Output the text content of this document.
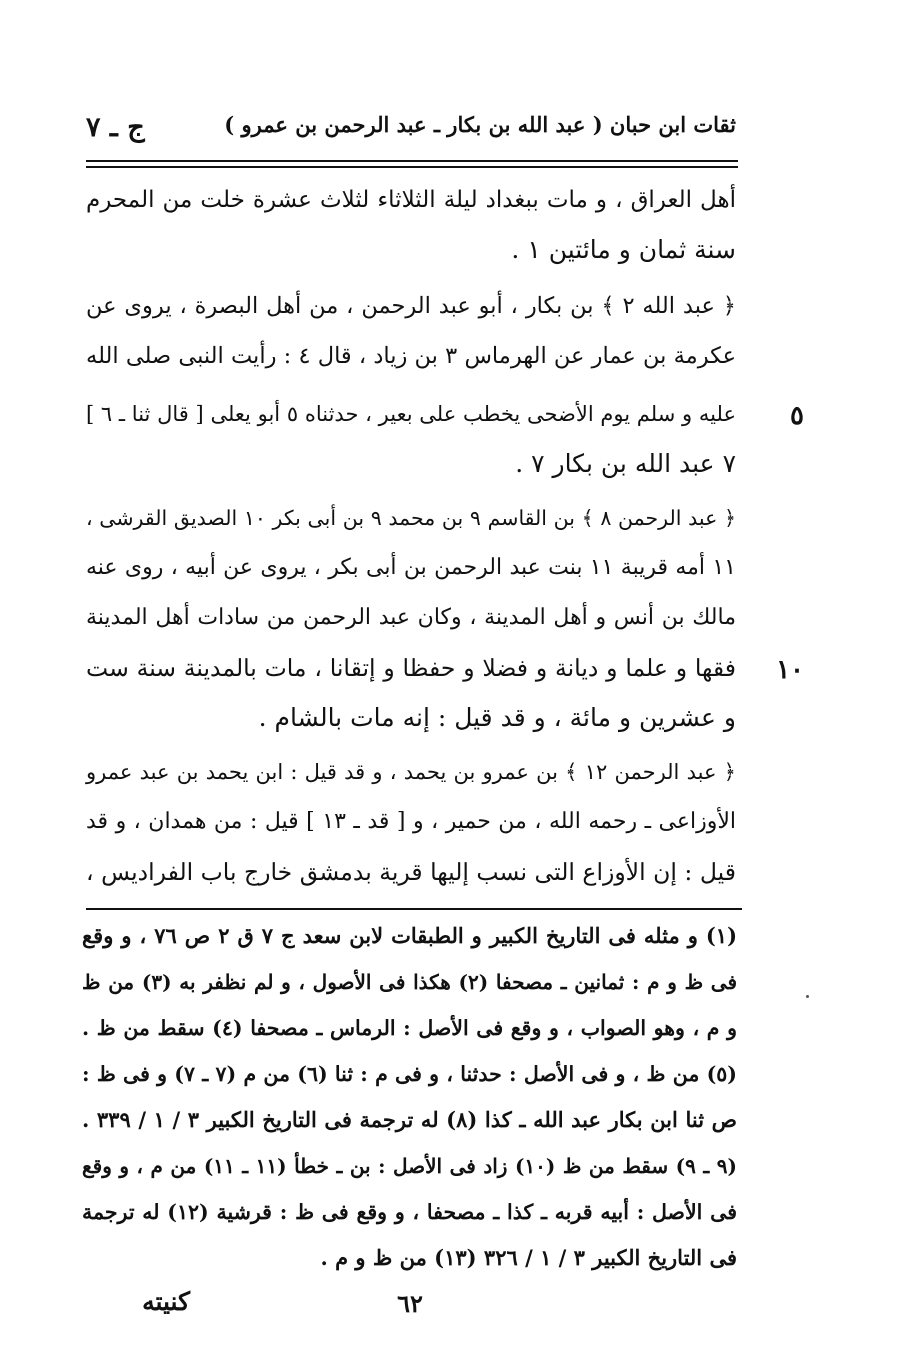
ثقات ابن حبان ( عبد الله بن بكار ـ عبد الرحمن بن عمرو )
ج ـ ٧
أهل العراق ، و مات ببغداد ليلة الثلاثاء لثلاث عشرة خلت من المحرم
سنة ثمان و مائتين ١ .
﴿ عبد الله ٢ ﴾ بن بكار ، أبو عبد الرحمن ، من أهل البصرة ، يروى عن
عكرمة بن عمار عن الهرماس ٣ بن زياد ، قال ٤ : رأيت النبى صلى الله
عليه و سلم يوم الأضحى يخطب على بعير ، حدثناه ٥ أبو يعلى [ قال ثنا ـ ٦ ]
٧ عبد الله بن بكار ٧ .
﴿ عبد الرحمن ٨ ﴾ بن القاسم ٩ بن محمد ٩ بن أبى بكر ١٠ الصديق القرشى ،
١١ أمه قريبة ١١ بنت عبد الرحمن بن أبى بكر ، يروى عن أبيه ، روى عنه
مالك بن أنس و أهل المدينة ، وكان عبد الرحمن من سادات أهل المدينة
فقها و علما و ديانة و فضلا و حفظا و إتقانا ، مات بالمدينة سنة ست
و عشرين و مائة ، و قد قيل : إنه مات بالشام .
﴿ عبد الرحمن ١٢ ﴾ بن عمرو بن يحمد ، و قد قيل : ابن يحمد بن عبد عمرو
الأوزاعى ـ رحمه الله ، من حمير ، و [ قد ـ ١٣ ] قيل : من همدان ، و قد
قيل : إن الأوزاع التى نسب إليها قرية بدمشق خارج باب الفراديس ،
٥
١٠
(١) و مثله فى التاريخ الكبير و الطبقات لابن سعد ج ٧ ق ٢ ص ٧٦ ، و وقع
فى ظ و م : ثمانين ـ مصحفا (٢) هكذا فى الأصول ، و لم نظفر به (٣) من ظ
و م ، وهو الصواب ، و وقع فى الأصل : الرماس ـ مصحفا (٤) سقط من ظ .
(٥) من ظ ، و فى الأصل : حدثنا ، و فى م : ثنا (٦) من م (٧ ـ ٧) و فى ظ :
ص ثنا ابن بكار عبد الله ـ كذا (٨) له ترجمة فى التاريخ الكبير ٣ / ١ / ٣٣٩ .
(٩ ـ ٩) سقط من ظ (١٠) زاد فى الأصل : بن ـ خطأ (١١ ـ ١١) من م ، و وقع
فى الأصل : أبيه قربه ـ كذا ـ مصحفا ، و وقع فى ظ : قرشية (١٢) له ترجمة
فى التاريخ الكبير ٣ / ١ / ٣٢٦ (١٣) من ظ و م .
٦٢
كنيته
